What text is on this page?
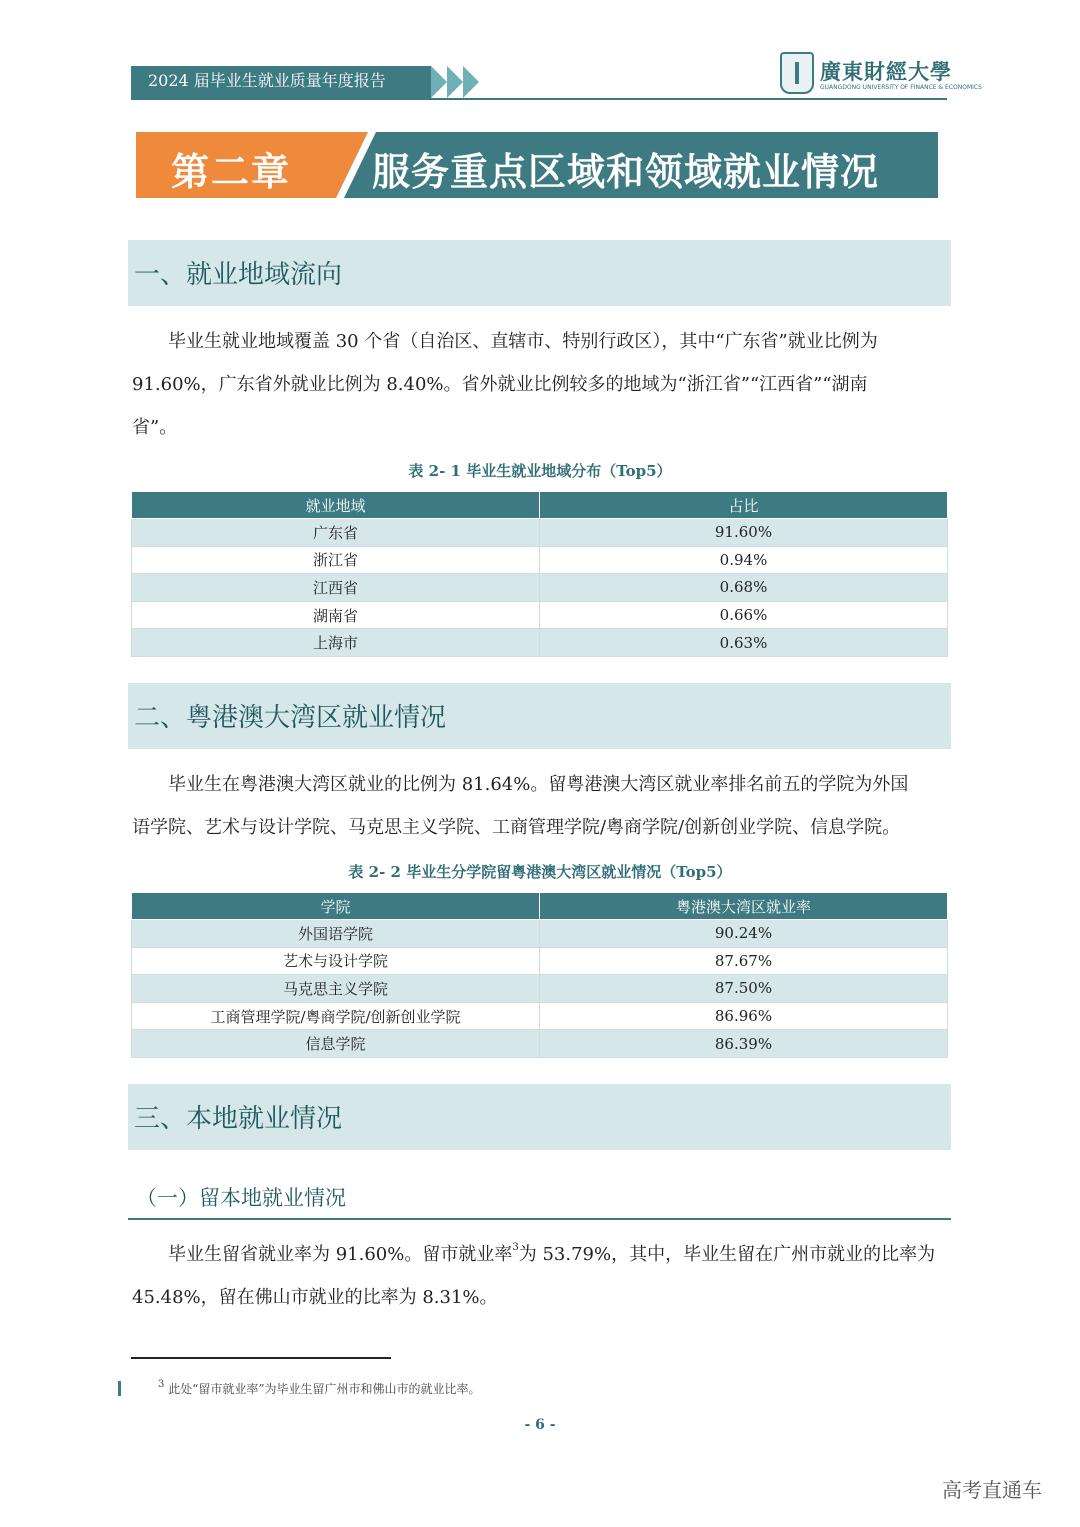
2024 届毕业生就业质量年度报告	廣東財經大學
GUANGDONG UNIVERSITY OF FINANCE & ECONOMICS
第二章 服务重点区域和领域就业情况
一、就业地域流向
毕业生就业地域覆盖 30 个省（自治区、直辖市、特别行政区），其中“广东省”就业比例为
91.60%，广东省外就业比例为 8.40%。省外就业比例较多的地域为“浙江省”“江西省”“湖南
省”。
表 2- 1 毕业生就业地域分布（Top5）
就业地域	占比
广东省	91.60%
浙江省	0.94%
江西省	0.68%
湖南省	0.66%
上海市	0.63%
二、粤港澳大湾区就业情况
毕业生在粤港澳大湾区就业的比例为 81.64%。留粤港澳大湾区就业率排名前五的学院为外国
语学院、艺术与设计学院、马克思主义学院、工商管理学院/粤商学院/创新创业学院、信息学院。
表 2- 2 毕业生分学院留粤港澳大湾区就业情况（Top5）
学院	粤港澳大湾区就业率
外国语学院	90.24%
艺术与设计学院	87.67%
马克思主义学院	87.50%
工商管理学院/粤商学院/创新创业学院	86.96%
信息学院	86.39%
三、本地就业情况
（一）留本地就业情况
毕业生留省就业率为 91.60%。留市就业率$^3$为 53.79%，其中，毕业生留在广州市就业的比率为
45.48%，留在佛山市就业的比率为 8.31%。
$^3$ 此处“留市就业率”为毕业生留广州市和佛山市的就业比率。
- 6 -
高考直通车
